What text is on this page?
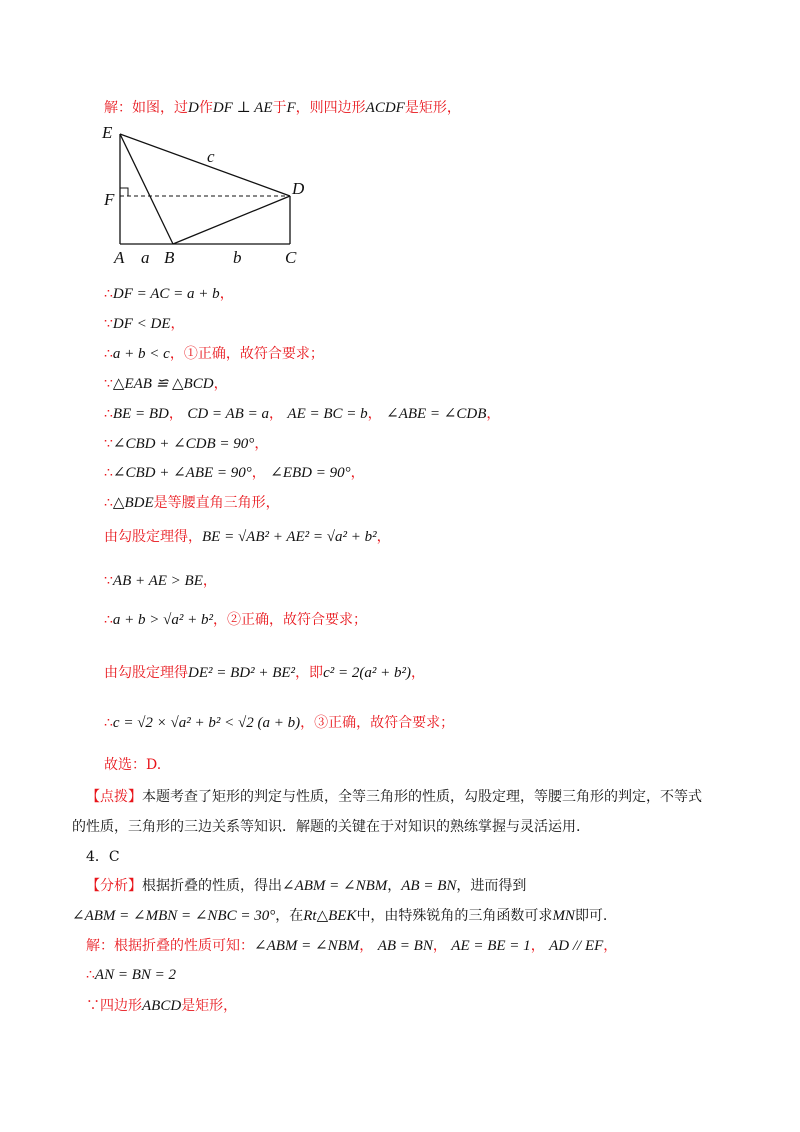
解：如图，过D作DF ⊥ AE于F，则四边形ACDF是矩形，
E
F
A a B	b	C
D
c
∴DF = AC = a + b，
∵DF < DE，
∴a + b < c，①正确，故符合要求；
∵△EAB ≌ △BCD，
∴BE = BD， CD = AB = a， AE = BC = b， ∠ABE = ∠CDB，
∵∠CBD + ∠CDB = 90°，
∴∠CBD + ∠ABE = 90°， ∠EBD = 90°，
∴△BDE是等腰直角三角形，
由勾股定理得，BE = √AB² + AE² = √a² + b²，
∵AB + AE > BE，
∴a + b > √a² + b²，②正确，故符合要求；
由勾股定理得DE² = BD² + BE²，即c² = 2(a² + b²)，
∴c = √2 × √a² + b² < √2 (a + b)，③正确，故符合要求；
故选：D.
【点拨】本题考查了矩形的判定与性质，全等三角形的性质，勾股定理，等腰三角形的判定，不等式
的性质，三角形的三边关系等知识．解题的关键在于对知识的熟练掌握与灵活运用.
4．C
【分析】根据折叠的性质，得出∠ABM = ∠NBM，AB = BN，进而得到
∠ABM = ∠MBN = ∠NBC = 30°，在Rt△BEK中，由特殊锐角的三角函数可求MN即可.
解：根据折叠的性质可知：∠ABM = ∠NBM， AB = BN， AE = BE = 1， AD // EF，
∴AN = BN = 2
∵四边形ABCD是矩形，
